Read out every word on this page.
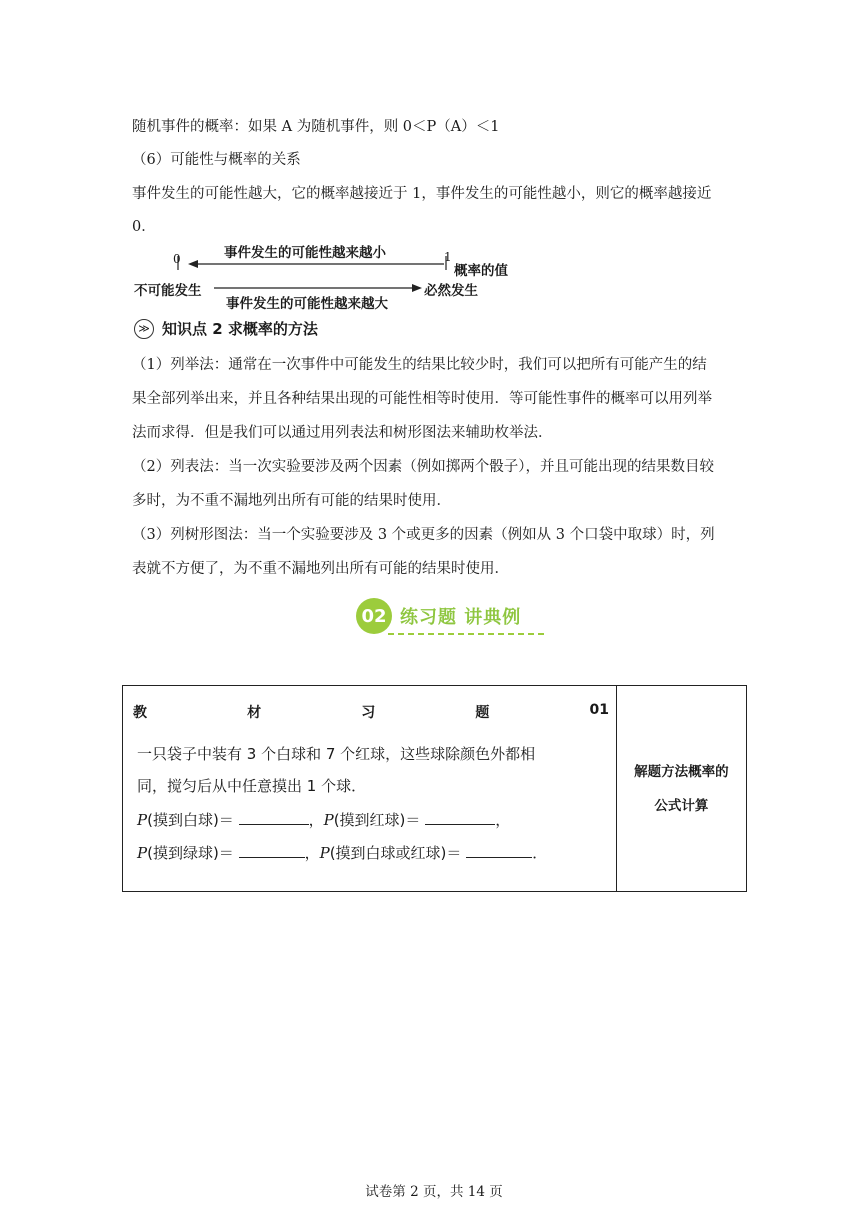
随机事件的概率：如果 A 为随机事件，则 0＜P（A）＜1
（6）可能性与概率的关系
事件发生的可能性越大，它的概率越接近于 1，事件发生的可能性越小，则它的概率越接近
0．
0	1
事件发生的可能性越来越小
概率的值
不可能发生	必然发生
事件发生的可能性越来越大
≫ 知识点 2 求概率的方法
（1）列举法：通常在一次事件中可能发生的结果比较少时，我们可以把所有可能产生的结
果全部列举出来，并且各种结果出现的可能性相等时使用．等可能性事件的概率可以用列举
法而求得．但是我们可以通过用列表法和树形图法来辅助枚举法．
（2）列表法：当一次实验要涉及两个因素（例如掷两个骰子），并且可能出现的结果数目较
多时，为不重不漏地列出所有可能的结果时使用．
（3）列树形图法：当一个实验要涉及 3 个或更多的因素（例如从 3 个口袋中取球）时，列
表就不方便了，为不重不漏地列出所有可能的结果时使用．
02 练习题 讲典例
教	材	习	题	01
一只袋子中装有 3 个白球和 7 个红球，这些球除颜色外都相
同，搅匀后从中任意摸出 1 个球．
P(摸到白球)＝	，P(摸到红球)＝	，
P(摸到绿球)＝	，P(摸到白球或红球)＝	．

解题方法概率的
公式计算
试卷第 2 页，共 14 页
